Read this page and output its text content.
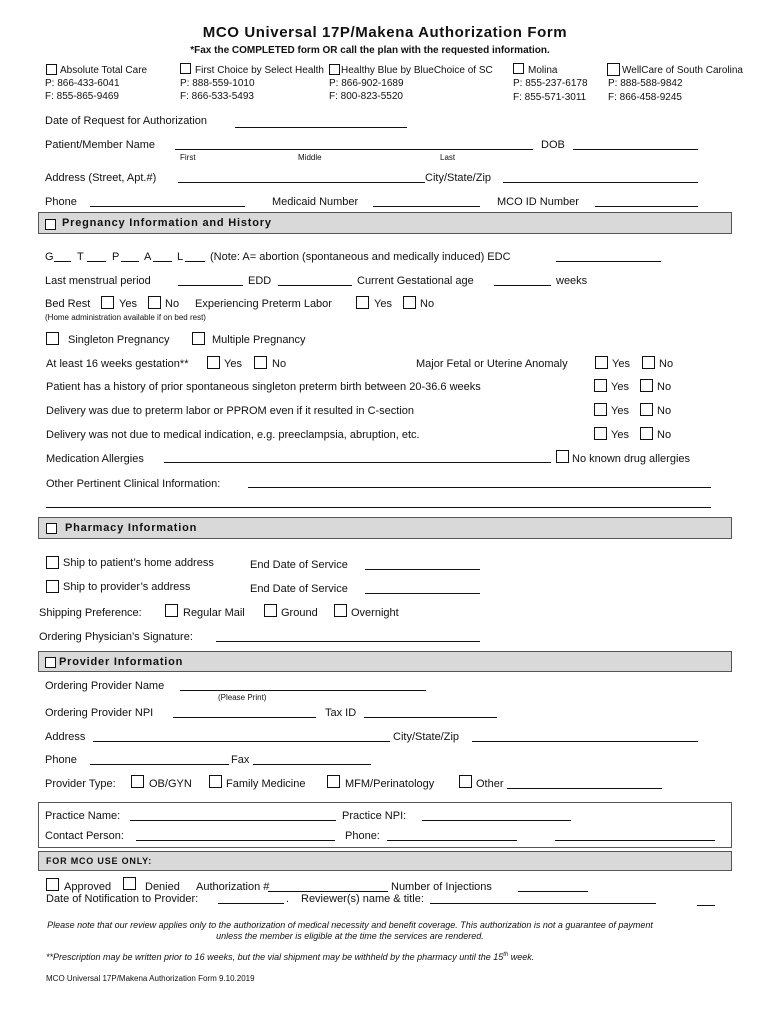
MCO Universal 17P/Makena Authorization Form
*Fax the COMPLETED form OR call the plan with the requested information.
Absolute Total Care
P: 866-433-6041
F: 855-865-9469
First Choice by Select Health
P: 888-559-1010
F: 866-533-5493
Healthy Blue by BlueChoice of SC
P: 866-902-1689
F: 800-823-5520
Molina
P: 855-237-6178
F: 855-571-3011
WellCare of South Carolina
P: 888-588-9842
F: 866-458-9245
Date of Request for Authorization
Patient/Member Name	DOB
First	Middle	Last
Address (Street, Apt.#)	City/State/Zip
Phone	Medicaid Number	MCO ID Number
Pregnancy Information and History
G T	P A L (Note: A= abortion (spontaneous and medically induced) EDC
Last menstrual period	EDD	Current Gestational age	weeks
Bed Rest	Yes	No Experiencing Preterm Labor	Yes	No
(Home administration available if on bed rest)
Singleton Pregnancy	Multiple Pregnancy
At least 16 weeks gestation**	Yes	No	Major Fetal or Uterine Anomaly	Yes	No
Patient has a history of prior spontaneous singleton preterm birth between 20-36.6 weeks	Yes	No
Delivery was due to preterm labor or PPROM even if it resulted in C-section	Yes	No
Delivery was not due to medical indication, e.g. preeclampsia, abruption, etc.	Yes	No
Medication Allergies	No known drug allergies
Other Pertinent Clinical Information:
Pharmacy Information
Ship to patient’s home address	End Date of Service
Ship to provider’s address	End Date of Service
Shipping Preference:	Regular Mail	Ground	Overnight
Ordering Physician’s Signature:
Provider Information
Ordering Provider Name
(Please Print)
Ordering Provider NPI	Tax ID
Address	City/State/Zip
Phone	Fax
Provider Type:	OB/GYN	Family Medicine	MFM/Perinatology	Other
Practice Name:	Practice NPI:
Contact Person:	Phone:
FOR MCO USE ONLY:
Approved	Denied Authorization #	Number of Injections
Date of Notification to Provider:	. Reviewer(s) name & title:
Please note that our review applies only to the authorization of medical necessity and benefit coverage. This authorization is not a guarantee of payment
unless the member is eligible at the time the services are rendered.
**Prescription may be written prior to 16 weeks, but the vial shipment may be withheld by the pharmacy until the 15th week.
MCO Universal 17P/Makena Authorization Form 9.10.2019
